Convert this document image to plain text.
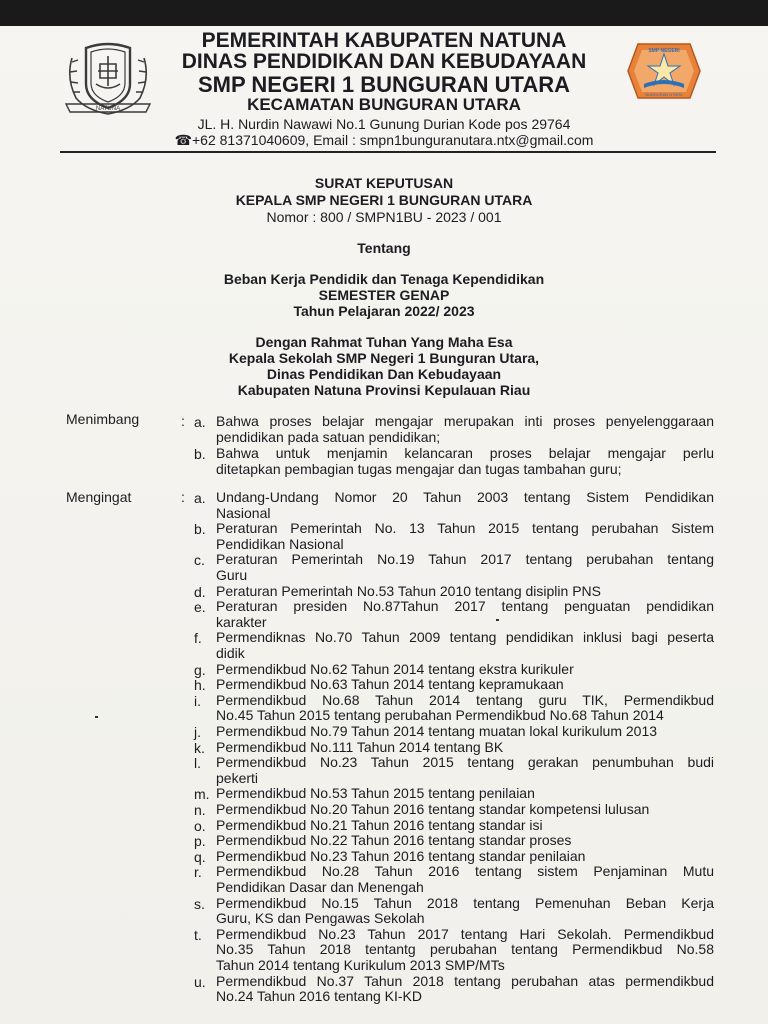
NATUNA
PEMERINTAH KABUPATEN NATUNA
DINAS PENDIDIKAN DAN KEBUDAYAAN
SMP NEGERI 1 BUNGURAN UTARA
KECAMATAN BUNGURAN UTARA
JL. H. Nurdin Nawawi No.1 Gunung Durian Kode pos 29764
☎+62 81371040609, Email : smpn1bunguranutara.ntx@gmail.com
SMP NEGERI
BUNGURAN UTARA
SURAT KEPUTUSAN
KEPALA SMP NEGERI 1 BUNGURAN UTARA
Nomor : 800 / SMPN1BU - 2023 / 001
Tentang
Beban Kerja Pendidik dan Tenaga Kependidikan
SEMESTER GENAP
Tahun Pelajaran 2022/ 2023
Dengan Rahmat Tuhan Yang Maha Esa
Kepala Sekolah SMP Negeri 1 Bunguran Utara,
Dinas Pendidikan Dan Kebudayaan
Kabupaten Natuna Provinsi Kepulauan Riau
Menimbang	: a. Bahwa proses belajar mengajar merupakan inti proses penyelenggaraan
pendidikan pada satuan pendidikan;
b. Bahwa untuk menjamin kelancaran proses belajar mengajar perlu
ditetapkan pembagian tugas mengajar dan tugas tambahan guru;
Mengingat	: a. Undang-Undang Nomor 20 Tahun 2003 tentang Sistem Pendidikan
Nasional
b. Peraturan Pemerintah No. 13 Tahun 2015 tentang perubahan Sistem
Pendidikan Nasional
c. Peraturan Pemerintah No.19 Tahun 2017 tentang perubahan tentang
Guru
d. Peraturan Pemerintah No.53 Tahun 2010 tentang disiplin PNS
e. Peraturan presiden No.87Tahun 2017 tentang penguatan pendidikan
karakter
f. Permendiknas No.70 Tahun 2009 tentang pendidikan inklusi bagi peserta
didik
g. Permendikbud No.62 Tahun 2014 tentang ekstra kurikuler
h. Permendikbud No.63 Tahun 2014 tentang kepramukaan
i. Permendikbud No.68 Tahun 2014 tentang guru TIK, Permendikbud
No.45 Tahun 2015 tentang perubahan Permendikbud No.68 Tahun 2014
j. Permendikbud No.79 Tahun 2014 tentang muatan lokal kurikulum 2013
k. Permendikbud No.111 Tahun 2014 tentang BK
l. Permendikbud No.23 Tahun 2015 tentang gerakan penumbuhan budi
pekerti
m. Permendikbud No.53 Tahun 2015 tentang penilaian
n. Permendikbud No.20 Tahun 2016 tentang standar kompetensi lulusan
o. Permendikbud No.21 Tahun 2016 tentang standar isi
p. Permendikbud No.22 Tahun 2016 tentang standar proses
q. Permendikbud No.23 Tahun 2016 tentang standar penilaian
r. Permendikbud No.28 Tahun 2016 tentang sistem Penjaminan Mutu
Pendidikan Dasar dan Menengah
s. Permendikbud No.15 Tahun 2018 tentang Pemenuhan Beban Kerja
Guru, KS dan Pengawas Sekolah
t. Permendikbud No.23 Tahun 2017 tentang Hari Sekolah. Permendikbud
No.35 Tahun 2018 tentantg perubahan tentang Permendikbud No.58
Tahun 2014 tentang Kurikulum 2013 SMP/MTs
u. Permendikbud No.37 Tahun 2018 tentang perubahan atas permendikbud
No.24 Tahun 2016 tentang KI-KD
